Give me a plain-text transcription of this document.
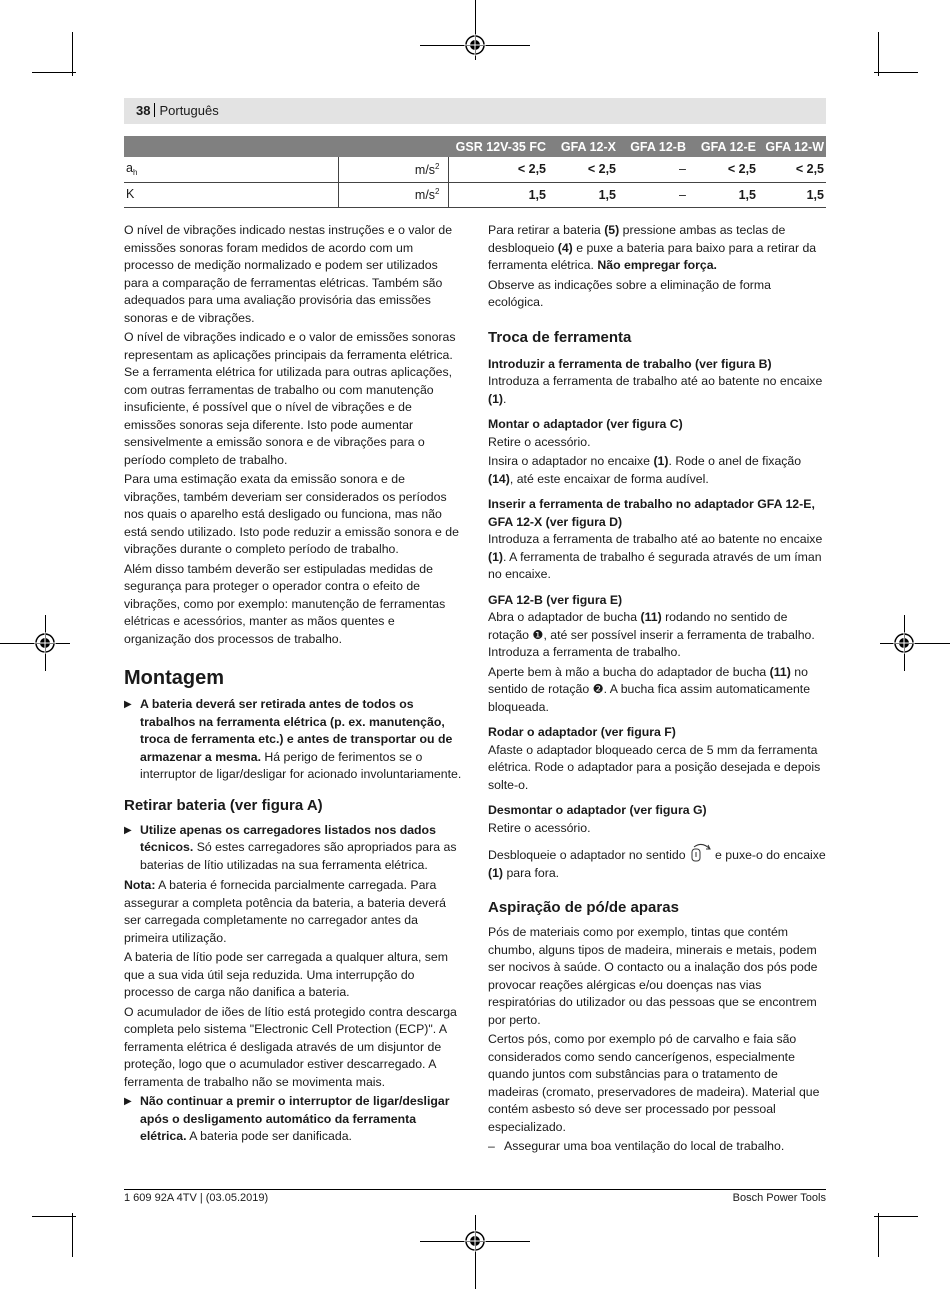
38 Português
		GSR 12V-35 FC	GFA 12-X	GFA 12-B	GFA 12-E	GFA 12-W
$a_h$	$m/s^2$	< 2,5	< 2,5	–	< 2,5	< 2,5
K	$m/s^2$	1,5	1,5	–	1,5	1,5

O nível de vibrações indicado nestas instruções e o valor de emissões sonoras foram medidos de acordo com um processo de medição normalizado e podem ser utilizados para a comparação de ferramentas elétricas. Também são adequados para uma avaliação provisória das emissões sonoras e de vibrações.

O nível de vibrações indicado e o valor de emissões sonoras representam as aplicações principais da ferramenta elétrica. Se a ferramenta elétrica for utilizada para outras aplicações, com outras ferramentas de trabalho ou com manutenção insuficiente, é possível que o nível de vibrações e de emissões sonoras seja diferente. Isto pode aumentar sensivelmente a emissão sonora e de vibrações para o período completo de trabalho.

Para uma estimação exata da emissão sonora e de vibrações, também deveriam ser considerados os períodos nos quais o aparelho está desligado ou funciona, mas não está sendo utilizado. Isto pode reduzir a emissão sonora e de vibrações durante o completo período de trabalho.

Além disso também deverão ser estipuladas medidas de segurança para proteger o operador contra o efeito de vibrações, como por exemplo: manutenção de ferramentas elétricas e acessórios, manter as mãos quentes e organização dos processos de trabalho.

Montagem

▶ A bateria deverá ser retirada antes de todos os trabalhos na ferramenta elétrica (p. ex. manutenção, troca de ferramenta etc.) e antes de transportar ou de armazenar a mesma. Há perigo de ferimentos se o interruptor de ligar/desligar for acionado involuntariamente.

Retirar bateria (ver figura A)

▶ Utilize apenas os carregadores listados nos dados técnicos. Só estes carregadores são apropriados para as baterias de lítio utilizadas na sua ferramenta elétrica.

Nota: A bateria é fornecida parcialmente carregada. Para assegurar a completa potência da bateria, a bateria deverá ser carregada completamente no carregador antes da primeira utilização.

A bateria de lítio pode ser carregada a qualquer altura, sem que a sua vida útil seja reduzida. Uma interrupção do processo de carga não danifica a bateria.

O acumulador de iões de lítio está protegido contra descarga completa pelo sistema "Electronic Cell Protection (ECP)". A ferramenta elétrica é desligada através de um disjuntor de proteção, logo que o acumulador estiver descarregado. A ferramenta de trabalho não se movimenta mais.

▶ Não continuar a premir o interruptor de ligar/desligar após o desligamento automático da ferramenta elétrica. A bateria pode ser danificada.

Para retirar a bateria (5) pressione ambas as teclas de desbloqueio (4) e puxe a bateria para baixo para a retirar da ferramenta elétrica. Não empregar força.

Observe as indicações sobre a eliminação de forma ecológica.

Troca de ferramenta
Introduzir a ferramenta de trabalho (ver figura B)

Introduza a ferramenta de trabalho até ao batente no encaixe (1).

Montar o adaptador (ver figura C)

Retire o acessório.

Insira o adaptador no encaixe (1). Rode o anel de fixação (14), até este encaixar de forma audível.

Inserir a ferramenta de trabalho no adaptador GFA 12-E, GFA 12-X (ver figura D)

Introduza a ferramenta de trabalho até ao batente no encaixe (1). A ferramenta de trabalho é segurada através de um íman no encaixe.

GFA 12-B (ver figura E)

Abra o adaptador de bucha (11) rodando no sentido de rotação ❶, até ser possível inserir a ferramenta de trabalho. Introduza a ferramenta de trabalho.

Aperte bem à mão a bucha do adaptador de bucha (11) no sentido de rotação ❷. A bucha fica assim automaticamente bloqueada.

Rodar o adaptador (ver figura F)

Afaste o adaptador bloqueado cerca de 5 mm da ferramenta elétrica. Rode o adaptador para a posição desejada e depois solte-o.

Desmontar o adaptador (ver figura G)

Retire o acessório.

Desbloqueie o adaptador no sentido e puxe-o do encaixe (1) para fora.

Aspiração de pó/de aparas

Pós de materiais como por exemplo, tintas que contém chumbo, alguns tipos de madeira, minerais e metais, podem ser nocivos à saúde. O contacto ou a inalação dos pós pode provocar reações alérgicas e/ou doenças nas vias respiratórias do utilizador ou das pessoas que se encontrem por perto.

Certos pós, como por exemplo pó de carvalho e faia são considerados como sendo cancerígenos, especialmente quando juntos com substâncias para o tratamento de madeiras (cromato, preservadores de madeira). Material que contém asbesto só deve ser processado por pessoal especializado.

– Assegurar uma boa ventilação do local de trabalho.

1 609 92A 4TV | (03.05.2019)	Bosch Power Tools
